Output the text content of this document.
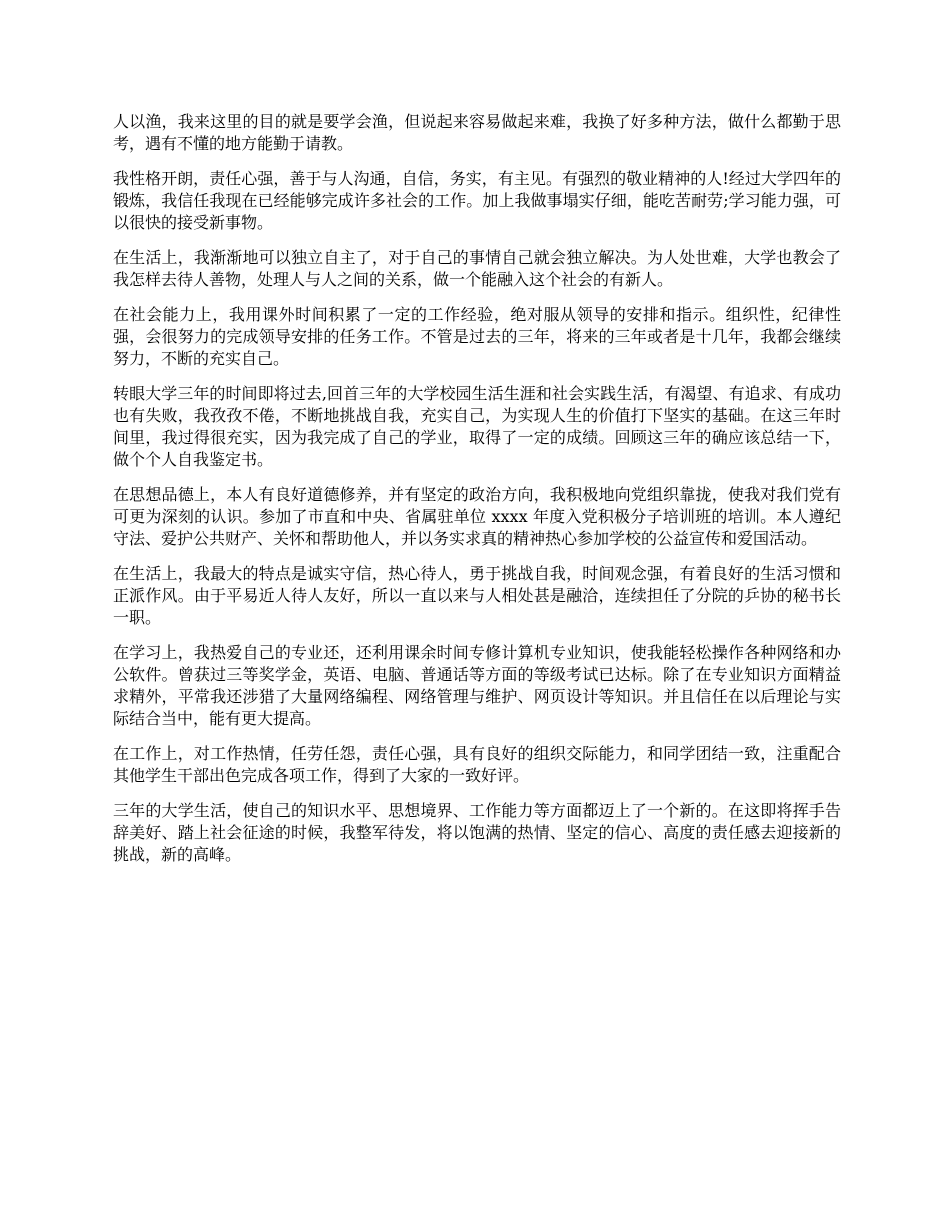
人以渔，我来这里的目的就是要学会渔，但说起来容易做起来难，我换了好多种方法，做什么都勤于思考，遇有不懂的地方能勤于请教。

我性格开朗，责任心强，善于与人沟通，自信，务实，有主见。有强烈的敬业精神的人!经过大学四年的锻炼，我信任我现在已经能够完成许多社会的工作。加上我做事塌实仔细，能吃苦耐劳;学习能力强，可以很快的接受新事物。

在生活上，我渐渐地可以独立自主了，对于自己的事情自己就会独立解决。为人处世难，大学也教会了我怎样去待人善物，处理人与人之间的关系，做一个能融入这个社会的有新人。

在社会能力上，我用课外时间积累了一定的工作经验，绝对服从领导的安排和指示。组织性，纪律性强，会很努力的完成领导安排的任务工作。不管是过去的三年，将来的三年或者是十几年，我都会继续努力，不断的充实自己。

转眼大学三年的时间即将过去,回首三年的大学校园生活生涯和社会实践生活，有渴望、有追求、有成功也有失败，我孜孜不倦，不断地挑战自我，充实自己，为实现人生的价值打下坚实的基础。在这三年时间里，我过得很充实，因为我完成了自己的学业，取得了一定的成绩。回顾这三年的确应该总结一下，做个个人自我鉴定书。

在思想品德上，本人有良好道德修养，并有坚定的政治方向，我积极地向党组织靠拢，使我对我们党有可更为深刻的认识。参加了市直和中央、省属驻单位 xxxx 年度入党积极分子培训班的培训。本人遵纪守法、爱护公共财产、关怀和帮助他人，并以务实求真的精神热心参加学校的公益宣传和爱国活动。

在生活上，我最大的特点是诚实守信，热心待人，勇于挑战自我，时间观念强，有着良好的生活习惯和正派作风。由于平易近人待人友好，所以一直以来与人相处甚是融洽，连续担任了分院的乒协的秘书长一职。

在学习上，我热爱自己的专业还，还利用课余时间专修计算机专业知识，使我能轻松操作各种网络和办公软件。曾获过三等奖学金，英语、电脑、普通话等方面的等级考试已达标。除了在专业知识方面精益求精外，平常我还涉猎了大量网络编程、网络管理与维护、网页设计等知识。并且信任在以后理论与实际结合当中，能有更大提高。

在工作上，对工作热情，任劳任怨，责任心强，具有良好的组织交际能力，和同学团结一致，注重配合其他学生干部出色完成各项工作，得到了大家的一致好评。

三年的大学生活，使自己的知识水平、思想境界、工作能力等方面都迈上了一个新的。在这即将挥手告辞美好、踏上社会征途的时候，我整军待发，将以饱满的热情、坚定的信心、高度的责任感去迎接新的挑战，新的高峰。
